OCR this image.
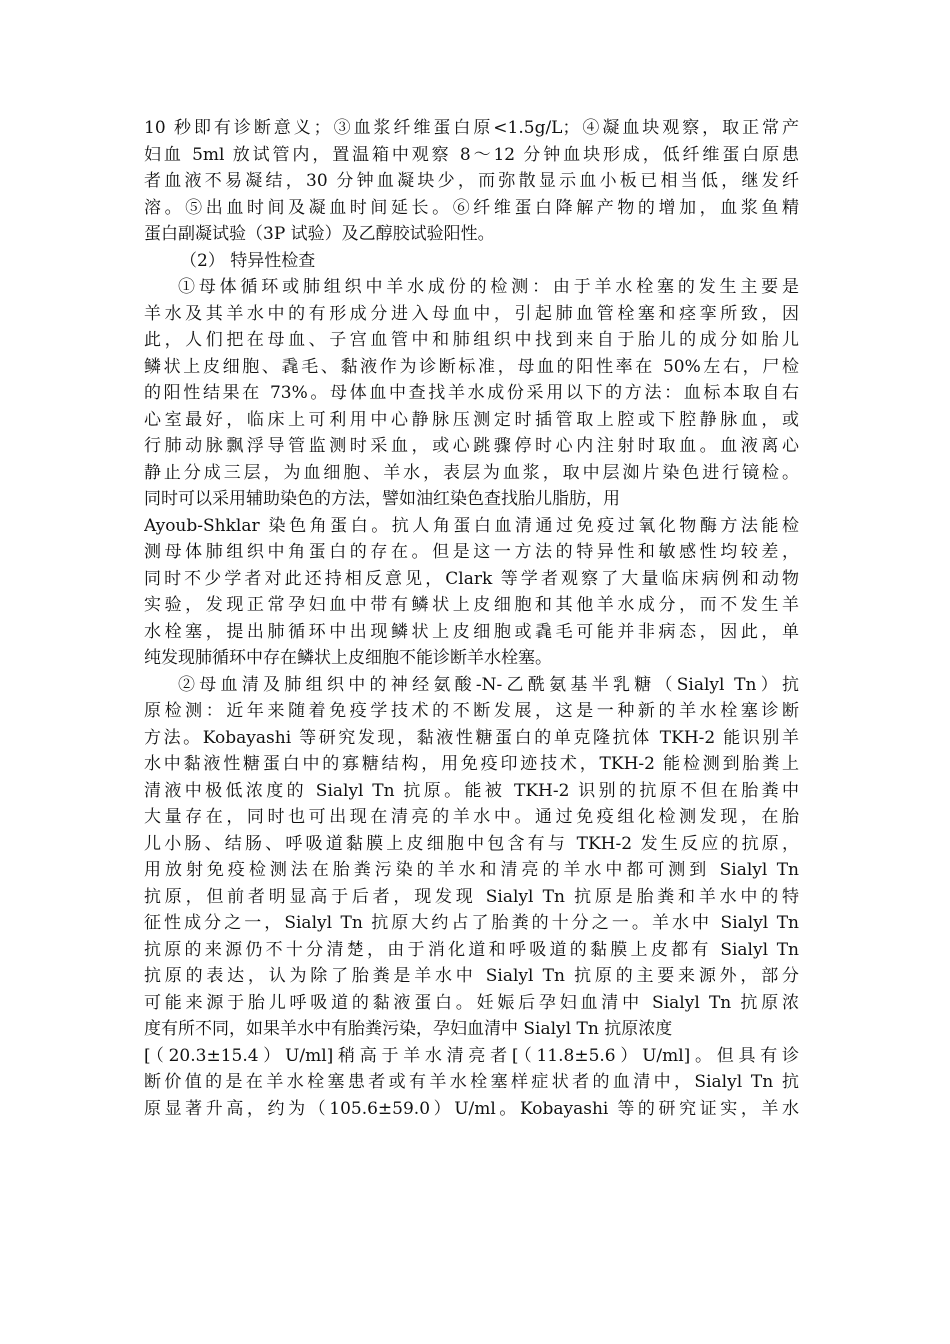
10 秒即有诊断意义；③血浆纤维蛋白原<1.5g/L；④凝血块观察，取正常产
妇血 5ml 放试管内，置温箱中观察 8～12 分钟血块形成，低纤维蛋白原患
者血液不易凝结，30 分钟血凝块少，而弥散显示血小板已相当低，继发纤
溶。⑤出血时间及凝血时间延长。⑥纤维蛋白降解产物的增加，血浆鱼精
蛋白副凝试验（3P 试验）及乙醇胶试验阳性。
（2） 特异性检查
①母体循环或肺组织中羊水成份的检测：由于羊水栓塞的发生主要是
羊水及其羊水中的有形成分进入母血中，引起肺血管栓塞和痉挛所致，因
此，人们把在母血、子宫血管中和肺组织中找到来自于胎儿的成分如胎儿
鳞状上皮细胞、毳毛、黏液作为诊断标准，母血的阳性率在 50%左右，尸检
的阳性结果在 73%。母体血中查找羊水成份采用以下的方法：血标本取自右
心室最好，临床上可利用中心静脉压测定时插管取上腔或下腔静脉血，或
行肺动脉飘浮导管监测时采血，或心跳骤停时心内注射时取血。血液离心
静止分成三层，为血细胞、羊水，表层为血浆，取中层洳片染色进行镜检。
同时可以采用辅助染色的方法，譬如油红染色查找胎儿脂肪，用
Ayoub-Shklar 染色角蛋白。抗人角蛋白血清通过免疫过氧化物酶方法能检
测母体肺组织中角蛋白的存在。但是这一方法的特异性和敏感性均较差，
同时不少学者对此还持相反意见，Clark 等学者观察了大量临床病例和动物
实验，发现正常孕妇血中带有鳞状上皮细胞和其他羊水成分，而不发生羊
水栓塞，提出肺循环中出现鳞状上皮细胞或毳毛可能并非病态，因此，单
纯发现肺循环中存在鳞状上皮细胞不能诊断羊水栓塞。
②母血清及肺组织中的神经氨酸-N-乙酰氨基半乳糖（Sialyl Tn）抗
原检测：近年来随着免疫学技术的不断发展，这是一种新的羊水栓塞诊断
方法。Kobayashi 等研究发现，黏液性糖蛋白的单克隆抗体 TKH-2 能识别羊
水中黏液性糖蛋白中的寡糖结构，用免疫印迹技术，TKH-2 能检测到胎粪上
清液中极低浓度的 Sialyl Tn 抗原。能被 TKH-2 识别的抗原不但在胎粪中
大量存在，同时也可出现在清亮的羊水中。通过免疫组化检测发现，在胎
儿小肠、结肠、呼吸道黏膜上皮细胞中包含有与 TKH-2 发生反应的抗原，
用放射免疫检测法在胎粪污染的羊水和清亮的羊水中都可测到 Sialyl Tn
抗原，但前者明显高于后者，现发现 Sialyl Tn 抗原是胎粪和羊水中的特
征性成分之一，Sialyl Tn 抗原大约占了胎粪的十分之一。羊水中 Sialyl Tn
抗原的来源仍不十分清楚，由于消化道和呼吸道的黏膜上皮都有 Sialyl Tn
抗原的表达，认为除了胎粪是羊水中 Sialyl Tn 抗原的主要来源外，部分
可能来源于胎儿呼吸道的黏液蛋白。妊娠后孕妇血清中 Sialyl Tn 抗原浓
度有所不同，如果羊水中有胎粪污染，孕妇血清中 Sialyl Tn 抗原浓度
[（20.3±15.4）U/ml]稍高于羊水清亮者[（11.8±5.6）U/ml]。但具有诊
断价值的是在羊水栓塞患者或有羊水栓塞样症状者的血清中，Sialyl Tn 抗
原显著升高，约为（105.6±59.0）U/ml。Kobayashi 等的研究证实，羊水
